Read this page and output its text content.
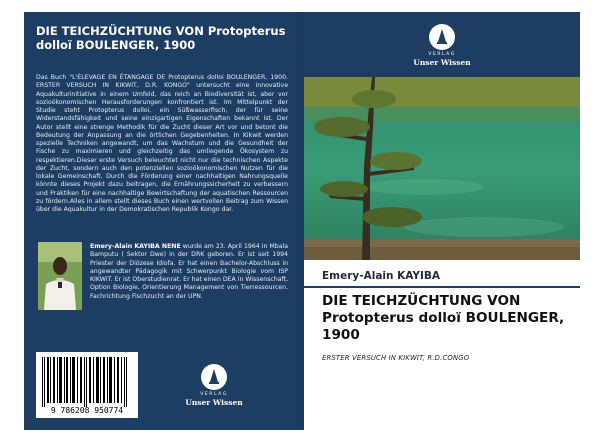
DIE TEICHZÜCHTUNG VON Protopterus dolloï BOULENGER, 1900
Das Buch "L'ÉLEVAGE EN ÉTANGAGE DE Protopterus dolloi BOULENGER, 1900. ERSTER VERSUCH IN KIKWIT, D.R. KONGO" untersucht eine innovative Aquakulturinitiative in einem Umfeld, das reich an Biodiversität ist, aber vor sozioökonomischen Herausforderungen konfrontiert ist. Im Mittelpunkt der Studie steht Protopterus dolloi, ein Süßwasserfisch, der für seine Widerstandsfähigkeit und seine einzigartigen Eigenschaften bekannt ist. Der Autor stellt eine strenge Methodik für die Zucht dieser Art vor und betont die Bedeutung der Anpassung an die örtlichen Gegebenheiten. In Kikwit werden spezielle Techniken angewandt, um das Wachstum und die Gesundheit der Fische zu maximieren und gleichzeitig das umliegende Ökosystem zu respektieren.Dieser erste Versuch beleuchtet nicht nur die technischen Aspekte der Zucht, sondern auch den potenziellen sozioökonomischen Nutzen für die lokale Gemeinschaft. Durch die Förderung einer nachhaltigen Nahrungsquelle könnte dieses Projekt dazu beitragen, die Ernährungssicherheit zu verbessern und Praktiken für eine nachhaltige Bewirtschaftung der aquatischen Ressourcen zu fördern.Alles in allem stellt dieses Buch einen wertvollen Beitrag zum Wissen über die Aquakultur in der Demokratischen Republik Kongo dar.
Emery-Alain KAYIBA NENE wurde am 23. April 1964 in Mbala Bamputu ( Sektor Dwe) in der DRK geboren. Er ist seit 1994 Priester der Diözese Idiofa. Er hat einen Bachelor-Abschluss in angewandter Pädagogik mit Schwerpunkt Biologie vom ISP KIKWIT. Er ist Oberstudienrat. Er hat einen DEA in Wissenschaft, Option Biologie, Orientierung Management von Tierressourcen. Fachrichtung Fischzucht an der UPN.
9 786208 950774
VERLAG
Unser Wissen
VERLAG
Unser Wissen
Emery-Alain KAYIBA
DIE TEICHZÜCHTUNG VON Protopterus dolloï BOULENGER, 1900
ERSTER VERSUCH IN KIKWIT, R.D.CONGO
